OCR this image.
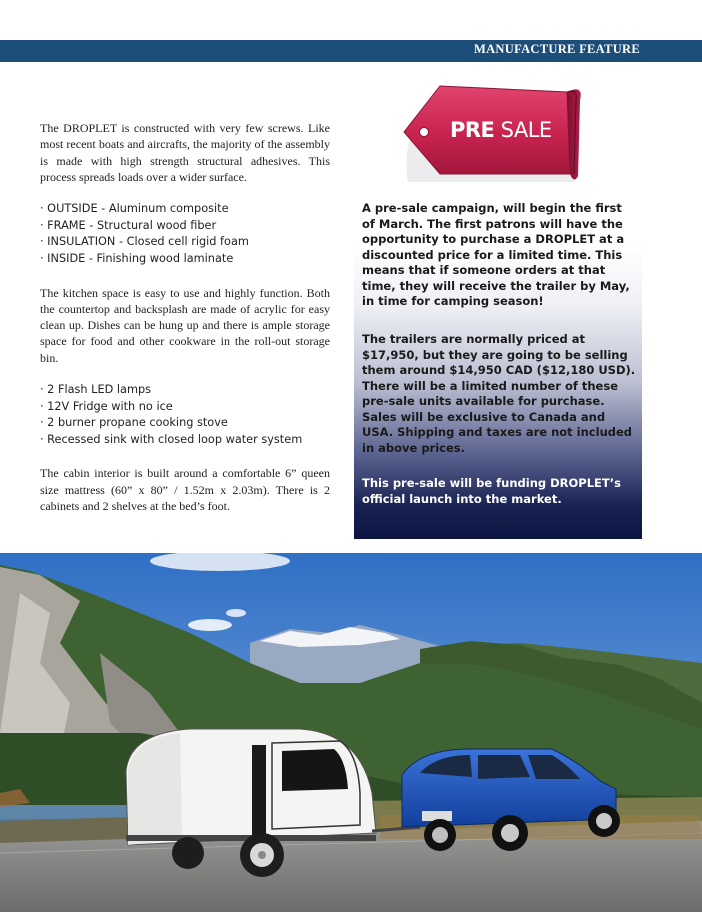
MANUFACTURE FEATURE

The DROPLET is constructed with very few screws. Like most recent boats and aircrafts, the majority of the assembly is made with high strength structural adhesives. This process spreads loads over a wider surface.

· OUTSIDE - Aluminum composite
· FRAME - Structural wood fiber
· INSULATION - Closed cell rigid foam
· INSIDE - Finishing wood laminate

The kitchen space is easy to use and highly function. Both the countertop and backsplash are made of acrylic for easy clean up. Dishes can be hung up and there is ample storage space for food and other cookware in the roll-out storage bin.

· 2 Flash LED lamps
· 12V Fridge with no ice
· 2 burner propane cooking stove
· Recessed sink with closed loop water system

The cabin interior is built around a comfortable 6” queen size mattress (60” x 80” / 1.52m x 2.03m). There is 2 cabinets and 2 shelves at the bed’s foot.

PRE SALE

A pre-sale campaign, will begin the first of March. The first patrons will have the opportunity to purchase a DROPLET at a discounted price for a limited time. This means that if someone orders at that time, they will receive the trailer by May, in time for camping season!

The trailers are normally priced at $17,950, but they are going to be selling them around $14,950 CAD ($12,180 USD). There will be a limited number of these pre-sale units available for purchase. Sales will be exclusive to Canada and USA. Shipping and taxes are not included in above prices.

This pre-sale will be funding DROPLET’s official launch into the market.
